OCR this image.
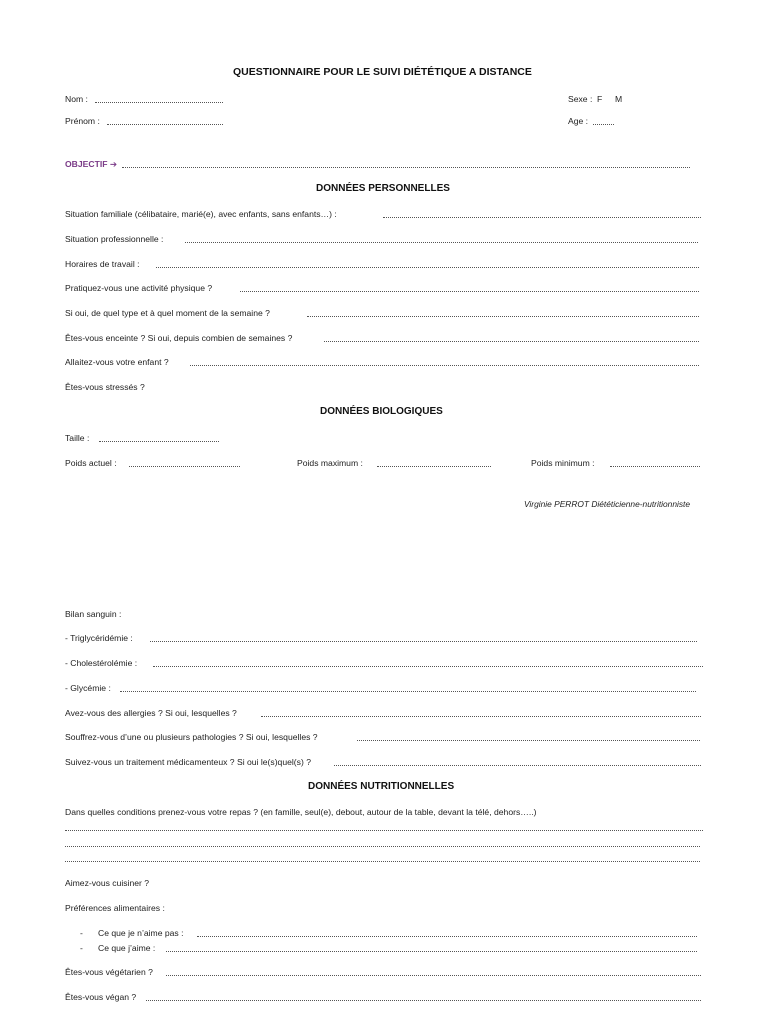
QUESTIONNAIRE POUR LE SUIVI DIÉTÉTIQUE A DISTANCE
Nom :	Sexe : F M
Prénom :	Age :
OBJECTIF ➔
DONNÉES PERSONNELLES
Situation familiale (célibataire, marié(e), avec enfants, sans enfants…) :
Situation professionnelle :
Horaires de travail :
Pratiquez-vous une activité physique ?
Si oui, de quel type et à quel moment de la semaine ?
Êtes-vous enceinte ? Si oui, depuis combien de semaines ?
Allaitez-vous votre enfant ?
Êtes-vous stressés ?
DONNÉES BIOLOGIQUES
Taille :
Poids actuel :	Poids maximum :	Poids minimum :
Virginie PERROT Diététicienne-nutritionniste
Bilan sanguin :
- Triglycéridémie :
- Cholestérolémie :
- Glycémie :
Avez-vous des allergies ? Si oui, lesquelles ?
Souffrez-vous d’une ou plusieurs pathologies ? Si oui, lesquelles ?
Suivez-vous un traitement médicamenteux ? Si oui le(s)quel(s) ?
DONNÉES NUTRITIONNELLES
Dans quelles conditions prenez-vous votre repas ? (en famille, seul(e), debout, autour de la table, devant la télé, dehors…..)
Aimez-vous cuisiner ?
Préférences alimentaires :
- Ce que je n’aime pas :
- Ce que j’aime :
Êtes-vous végétarien ?
Êtes-vous végan ?
